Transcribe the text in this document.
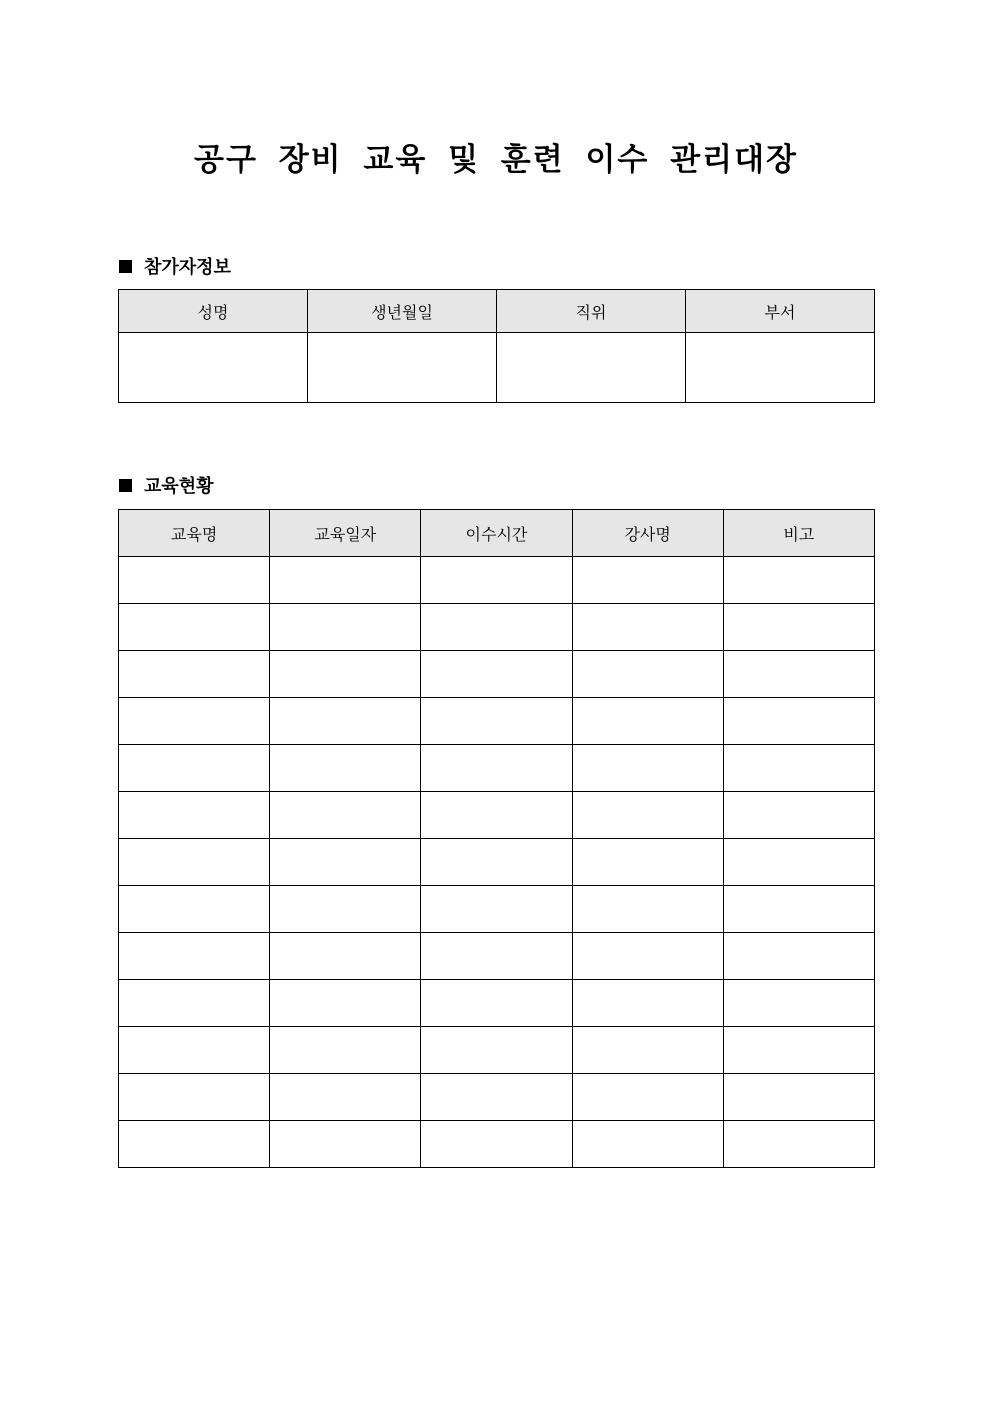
공구 장비 교육 및 훈련 이수 관리대장
참가자정보
성명	생년월일	직위	부서

교육현황
교육명	교육일자	이수시간	강사명	비고
